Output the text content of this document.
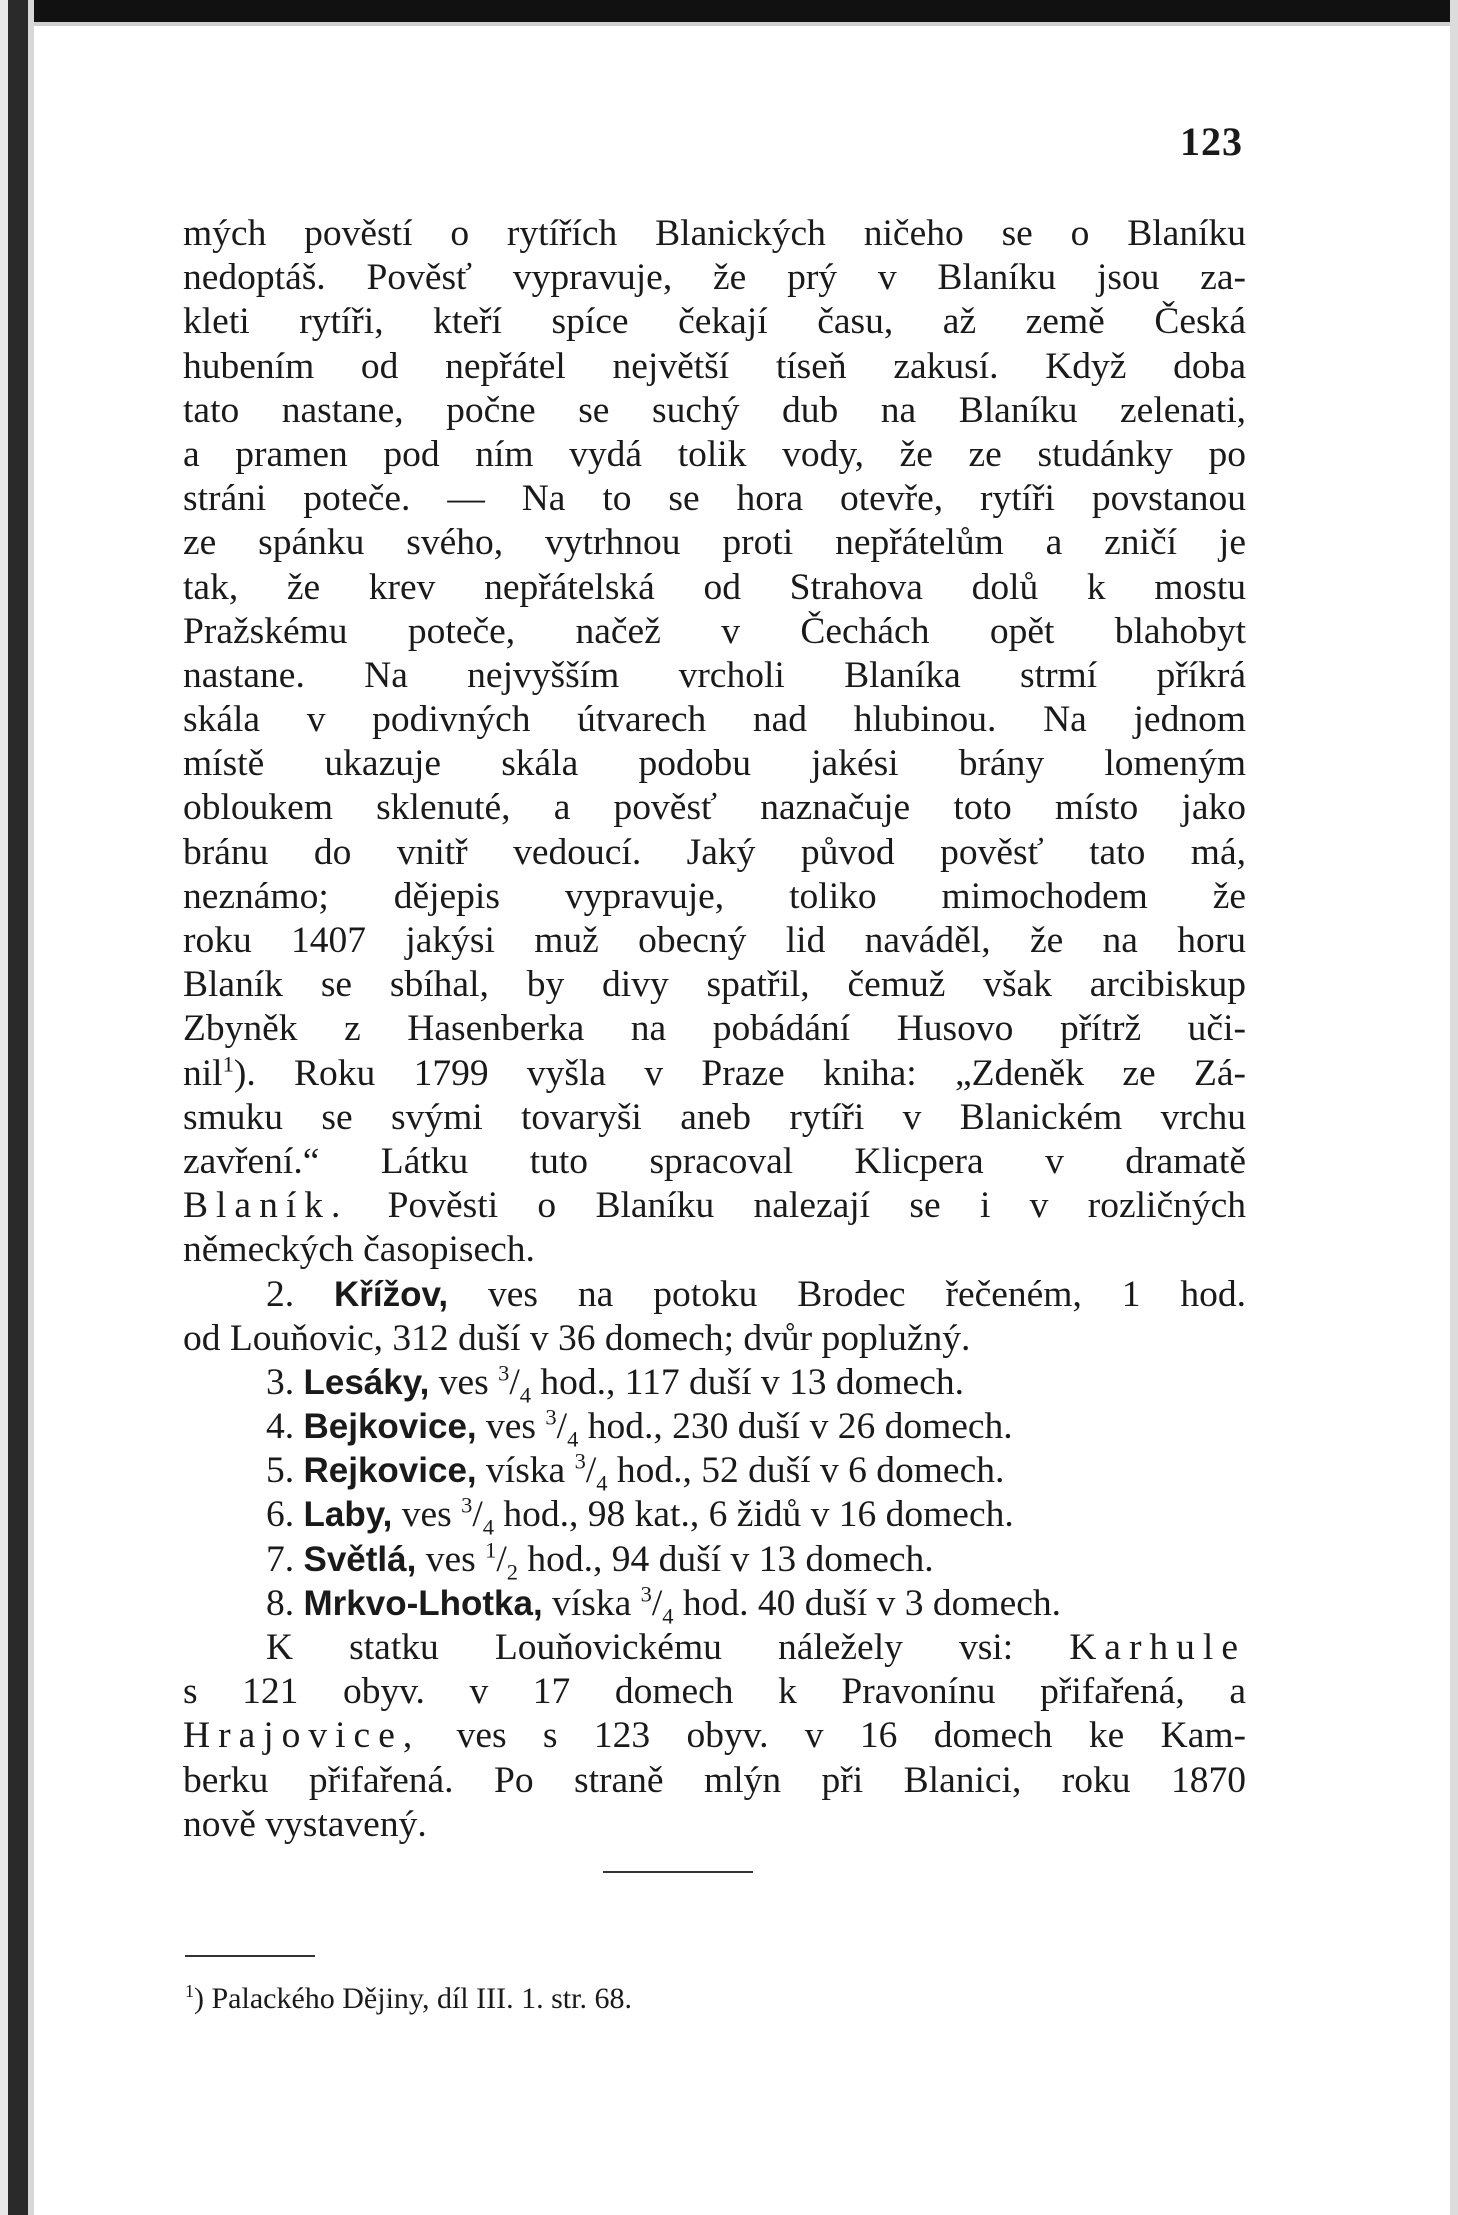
123
mých pověstí o rytířích Blanických ničeho se o Blaníku
nedoptáš. Pověsť vypravuje, že prý v Blaníku jsou za-
kleti rytíři, kteří spíce čekají času, až země Česká
hubením od nepřátel největší tíseň zakusí. Když doba
tato nastane, počne se suchý dub na Blaníku zelenati,
a pramen pod ním vydá tolik vody, že ze studánky po
stráni poteče. — Na to se hora otevře, rytíři povstanou
ze spánku svého, vytrhnou proti nepřátelům a zničí je
tak, že krev nepřátelská od Strahova dolů k mostu
Pražskému poteče, načež v Čechách opět blahobyt
nastane. Na nejvyšším vrcholi Blaníka strmí příkrá
skála v podivných útvarech nad hlubinou. Na jednom
místě ukazuje skála podobu jakési brány lomeným
obloukem sklenuté, a pověsť naznačuje toto místo jako
bránu do vnitř vedoucí. Jaký původ pověsť tato má,
neznámo; dějepis vypravuje, toliko mimochodem že
roku 1407 jakýsi muž obecný lid naváděl, že na horu
Blaník se sbíhal, by divy spatřil, čemuž však arcibiskup
Zbyněk z Hasenberka na pobádání Husovo přítrž uči-
nil$^1$). Roku 1799 vyšla v Praze kniha: „Zdeněk ze Zá-
smuku se svými tovaryši aneb rytíři v Blanickém vrchu
zavření.“ Látku tuto spracoval Klicpera v dramatě
Blaník. Pověsti o Blaníku nalezají se i v rozličných
německých časopisech.
2. Křížov, ves na potoku Brodec řečeném, 1 hod.
od Louňovic, 312 duší v 36 domech; dvůr poplužný.
3. Lesáky, ves $^3/_4$ hod., 117 duší v 13 domech.
4. Bejkovice, ves $^3/_4$ hod., 230 duší v 26 domech.
5. Rejkovice, víska $^3/_4$ hod., 52 duší v 6 domech.
6. Laby, ves $^3/_4$ hod., 98 kat., 6 židů v 16 domech.
7. Světlá, ves $^1/_2$ hod., 94 duší v 13 domech.
8. Mrkvo-Lhotka, víska $^3/_4$ hod. 40 duší v 3 domech.
K statku Louňovickému náležely vsi: Karhule
s 121 obyv. v 17 domech k Pravonínu přifařená, a
Hrajovice, ves s 123 obyv. v 16 domech ke Kam-
berku přifařená. Po straně mlýn při Blanici, roku 1870
nově vystavený.
$^1$) Palackého Dějiny, díl III. 1. str. 68.
